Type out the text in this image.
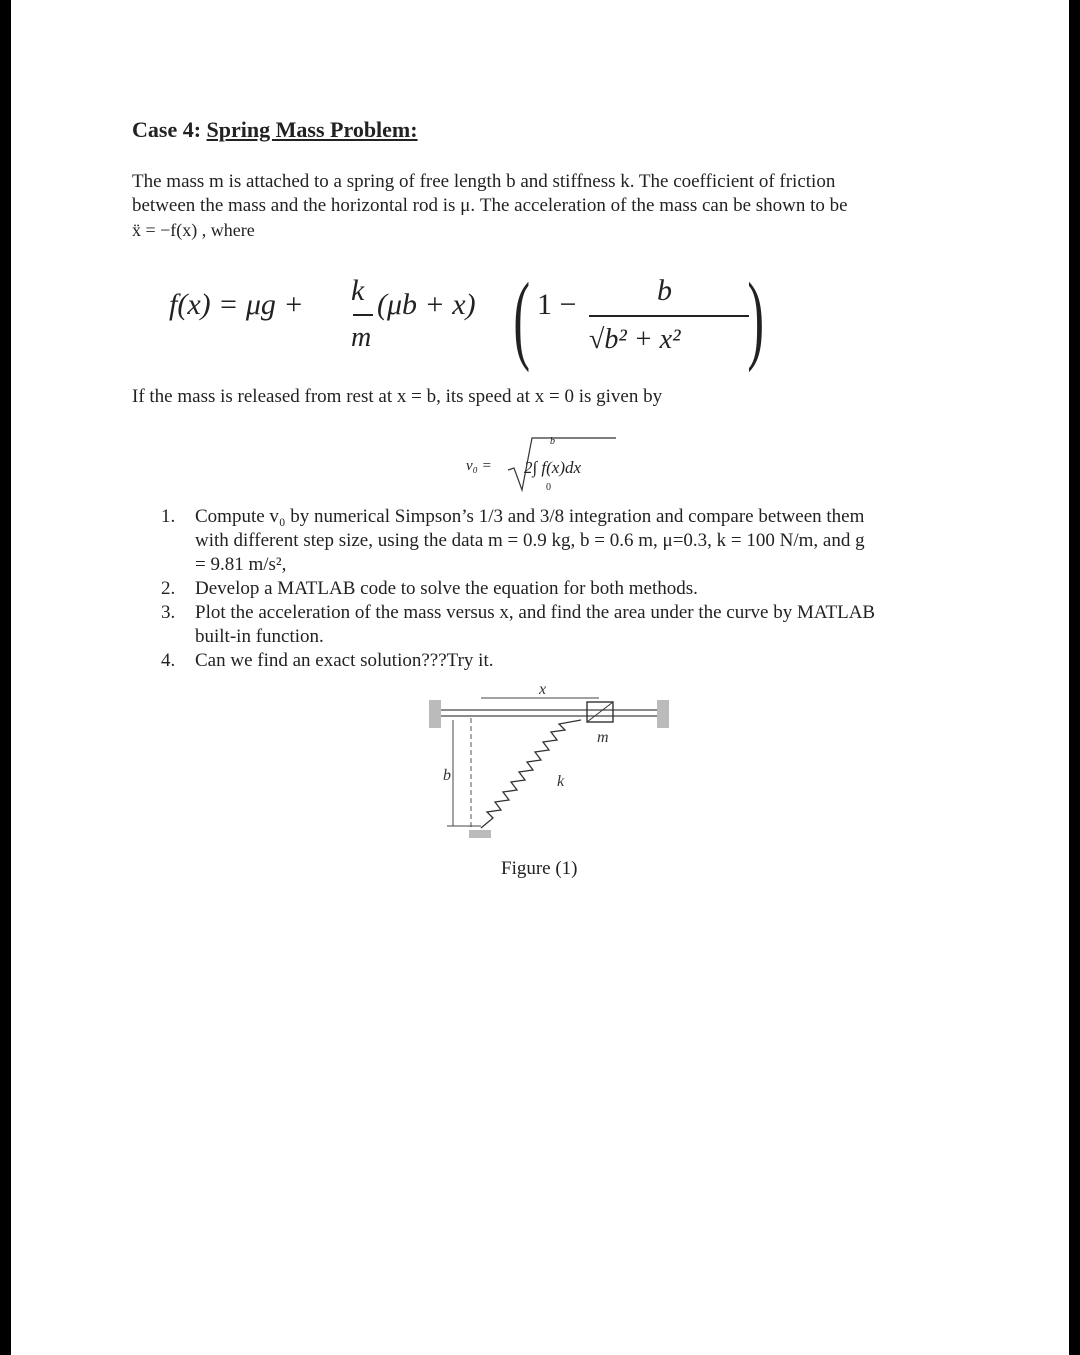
Case 4: Spring Mass Problem:
The mass m is attached to a spring of free length b and stiffness k. The coefficient of friction
between the mass and the horizontal rod is μ. The acceleration of the mass can be shown to be
ẍ = −f(x) , where
f(x) = μg + k
m
(μb + x) ( 1 −	b
√b² + x² )
If the mass is released from rest at x = b, its speed at x = 0 is given by
v₀ =
b
2∫ f(x)dx
0
1. Compute v₀ by numerical Simpson’s 1/3 and 3/8 integration and compare between them
with different step size, using the data m = 0.9 kg, b = 0.6 m, μ=0.3, k = 100 N/m, and g
= 9.81 m/s²,
2. Develop a MATLAB code to solve the equation for both methods.
3. Plot the acceleration of the mass versus x, and find the area under the curve by MATLAB
built-in function.
4. Can we find an exact solution???Try it.
b
x
m
k
Figure (1)
